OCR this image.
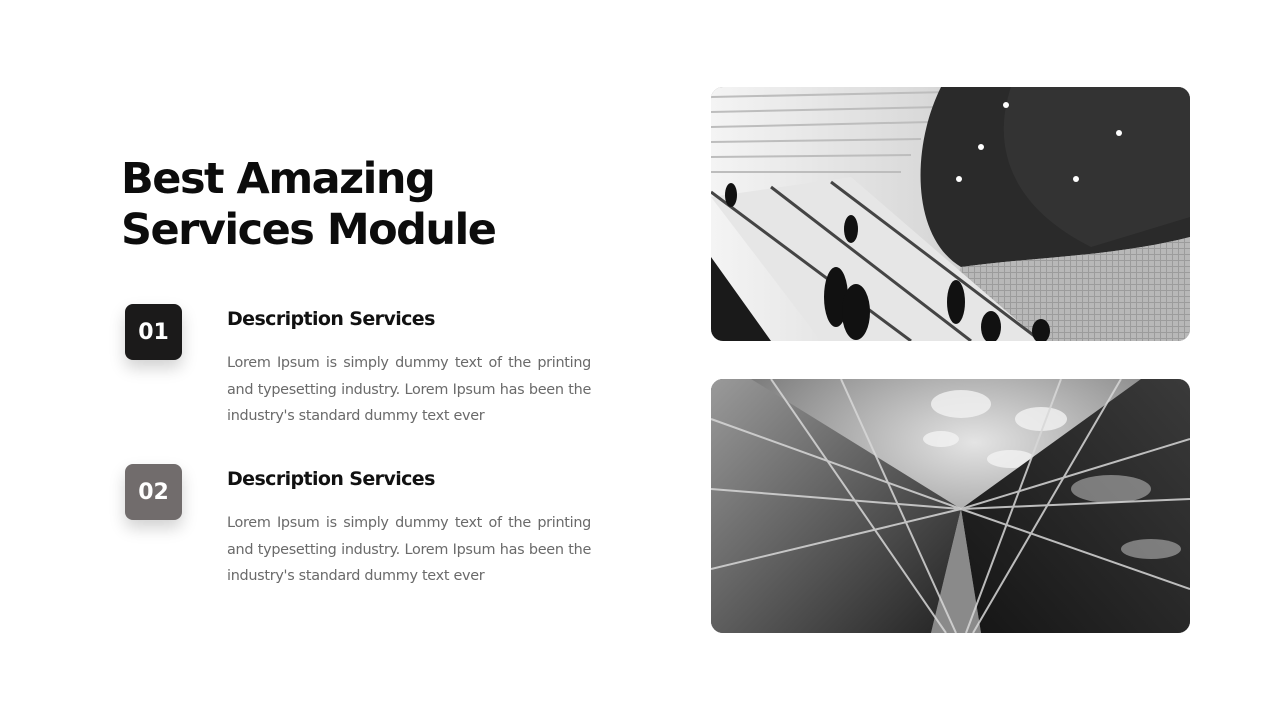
Best Amazing
Services Module
01
Description Services

Lorem Ipsum is simply dummy text of the printing and typesetting industry. Lorem Ipsum has been the industry's standard dummy text ever

02
Description Services

Lorem Ipsum is simply dummy text of the printing and typesetting industry. Lorem Ipsum has been the industry's standard dummy text ever
